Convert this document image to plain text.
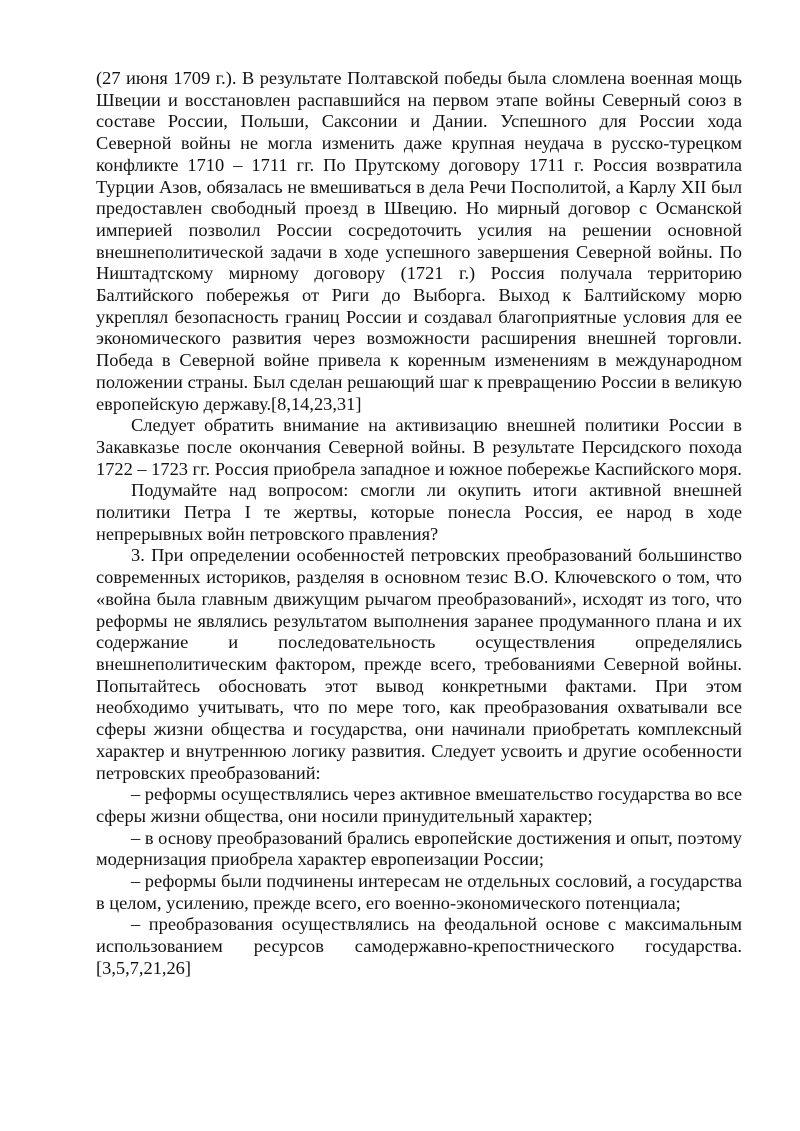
(27 июня 1709 г.). В результате Полтавской победы была сломлена военная мощь Швеции и восстановлен распавшийся на первом этапе войны Северный союз в составе России, Польши, Саксонии и Дании. Успешного для России хода Северной войны не могла изменить даже крупная неудача в русско-турецком конфликте 1710 – 1711 гг. По Прутскому договору 1711 г. Россия возвратила Турции Азов, обязалась не вмешиваться в дела Речи Посполитой, а Карлу XII был предоставлен свободный проезд в Швецию. Но мирный договор с Османской империей позволил России сосредоточить усилия на решении основной внешнеполитической задачи в ходе успешного завершения Северной войны. По Ништадтскому мирному договору (1721 г.) Россия получала территорию Балтийского побережья от Риги до Выборга. Выход к Балтийскому морю укреплял безопасность границ России и создавал благоприятные условия для ее экономического развития через возможности расширения внешней торговли. Победа в Северной войне привела к коренным изменениям в международном положении страны. Был сделан решающий шаг к превращению России в великую европейскую державу.[8,14,23,31]

Следует обратить внимание на активизацию внешней политики России в Закавказье после окончания Северной войны. В результате Персидского похода 1722 – 1723 гг. Россия приобрела западное и южное побережье Каспийского моря.

Подумайте над вопросом: смогли ли окупить итоги активной внешней политики Петра I те жертвы, которые понесла Россия, ее народ в ходе непрерывных войн петровского правления?

3. При определении особенностей петровских преобразований большинство современных историков, разделяя в основном тезис В.О. Ключевского о том, что «война была главным движущим рычагом преобразований», исходят из того, что реформы не являлись результатом выполнения заранее продуманного плана и их содержание и последовательность осуществления определялись внешнеполитическим фактором, прежде всего, требованиями Северной войны. Попытайтесь обосновать этот вывод конкретными фактами. При этом необходимо учитывать, что по мере того, как преобразования охватывали все сферы жизни общества и государства, они начинали приобретать комплексный характер и внутреннюю логику развития. Следует усвоить и другие особенности петровских преобразований:

– реформы осуществлялись через активное вмешательство государства во все сферы жизни общества, они носили принудительный характер;

– в основу преобразований брались европейские достижения и опыт, поэтому модернизация приобрела характер европеизации России;

– реформы были подчинены интересам не отдельных сословий, а государства в целом, усилению, прежде всего, его военно-экономического потенциала;

– преобразования осуществлялись на феодальной основе с максимальным использованием ресурсов самодержавно-крепостнического государства. [3,5,7,21,26]
